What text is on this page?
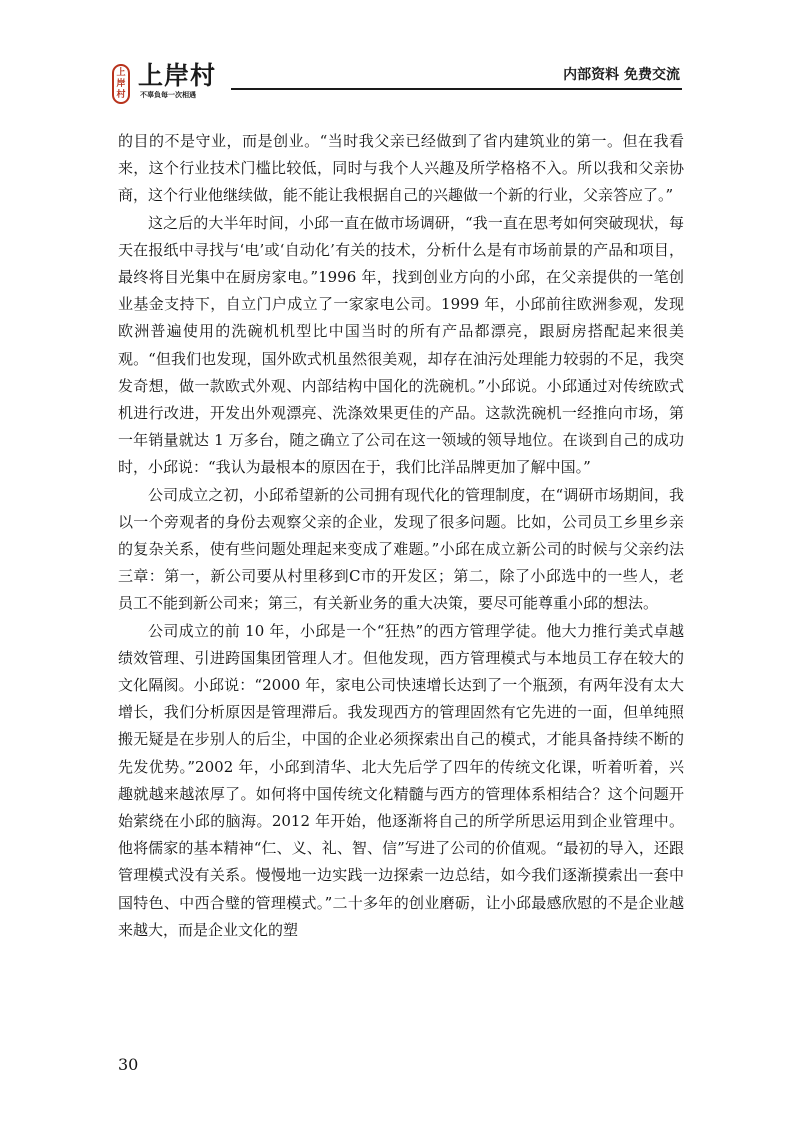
上
岸
村
上岸村
不辜負每一次相遇
内部资料 免费交流

的目的不是守业，而是创业。“当时我父亲已经做到了省内建筑业的第一。但在我看来，这个行业技术门槛比较低，同时与我个人兴趣及所学格格不入。所以我和父亲协商，这个行业他继续做，能不能让我根据自己的兴趣做一个新的行业，父亲答应了。”

这之后的大半年时间，小邱一直在做市场调研，“我一直在思考如何突破现状，每天在报纸中寻找与‘电’或‘自动化’有关的技术，分析什么是有市场前景的产品和项目，最终将目光集中在厨房家电。”1996 年，找到创业方向的小邱，在父亲提供的一笔创业基金支持下，自立门户成立了一家家电公司。1999 年，小邱前往欧洲参观，发现欧洲普遍使用的洗碗机机型比中国当时的所有产品都漂亮，跟厨房搭配起来很美观。“但我们也发现，国外欧式机虽然很美观，却存在油污处理能力较弱的不足，我突发奇想，做一款欧式外观、内部结构中国化的洗碗机。”小邱说。小邱通过对传统欧式机进行改进，开发出外观漂亮、洗涤效果更佳的产品。这款洗碗机一经推向市场，第一年销量就达 1 万多台，随之确立了公司在这一领域的领导地位。在谈到自己的成功时，小邱说：“我认为最根本的原因在于，我们比洋品牌更加了解中国。”

公司成立之初，小邱希望新的公司拥有现代化的管理制度，在“调研市场期间，我以一个旁观者的身份去观察父亲的企业，发现了很多问题。比如，公司员工乡里乡亲的复杂关系，使有些问题处理起来变成了难题。”小邱在成立新公司的时候与父亲约法三章：第一，新公司要从村里移到C市的开发区；第二，除了小邱选中的一些人，老员工不能到新公司来；第三，有关新业务的重大决策，要尽可能尊重小邱的想法。

公司成立的前 10 年，小邱是一个“狂热”的西方管理学徒。他大力推行美式卓越绩效管理、引进跨国集团管理人才。但他发现，西方管理模式与本地员工存在较大的文化隔阂。小邱说：“2000 年，家电公司快速增长达到了一个瓶颈，有两年没有太大增长，我们分析原因是管理滞后。我发现西方的管理固然有它先进的一面，但单纯照搬无疑是在步别人的后尘，中国的企业必须探索出自己的模式，才能具备持续不断的先发优势。”2002 年，小邱到清华、北大先后学了四年的传统文化课，听着听着，兴趣就越来越浓厚了。如何将中国传统文化精髓与西方的管理体系相结合？这个问题开始萦绕在小邱的脑海。2012 年开始，他逐渐将自己的所学所思运用到企业管理中。他将儒家的基本精神“仁、义、礼、智、信”写进了公司的价值观。“最初的导入，还跟管理模式没有关系。慢慢地一边实践一边探索一边总结，如今我们逐渐摸索出一套中国特色、中西合璧的管理模式。”二十多年的创业磨砺，让小邱最感欣慰的不是企业越来越大，而是企业文化的塑

30
